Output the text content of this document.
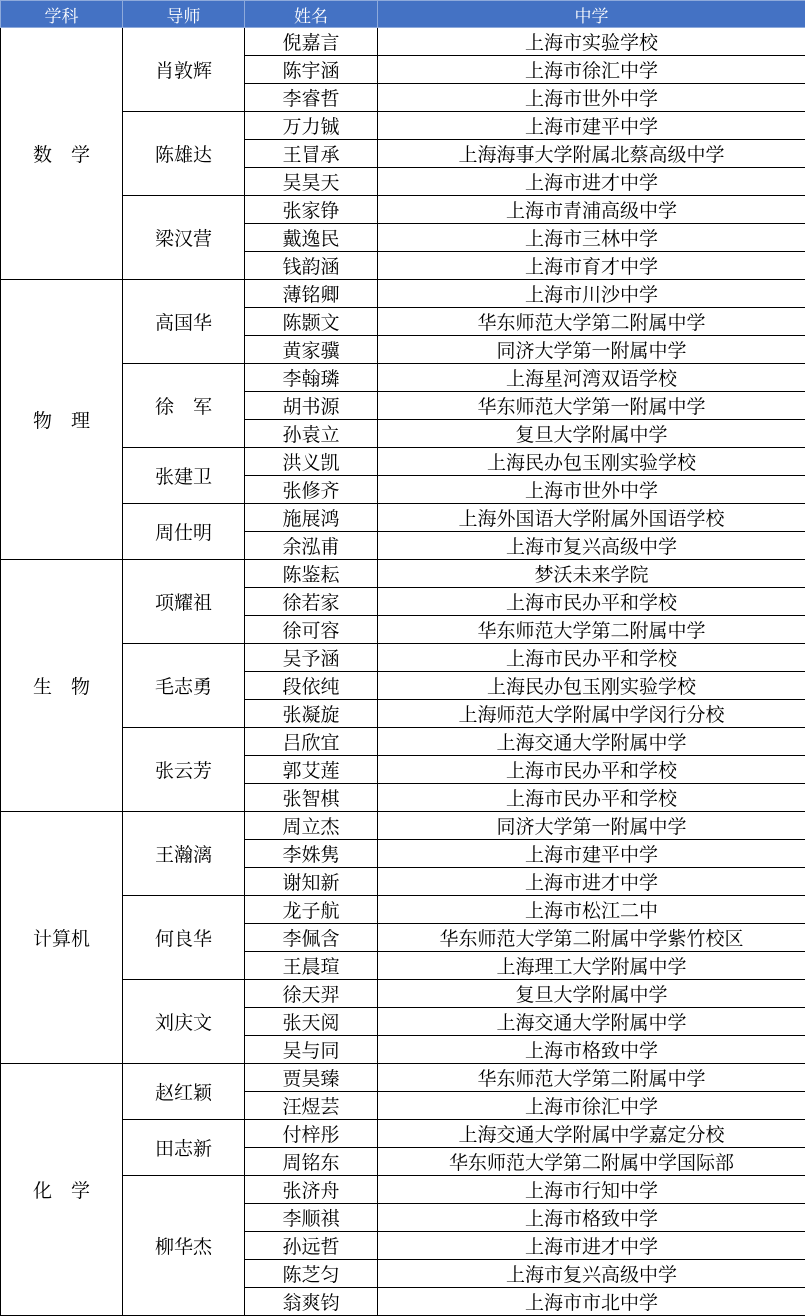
学科	导师	姓名	中学
数　学	肖敦辉	倪嘉言	上海市实验学校
		陈宇涵	上海市徐汇中学
		李睿哲	上海市世外中学
	陈雄达	万力铖	上海市建平中学
		王冒承	上海海事大学附属北蔡高级中学
		吴昊天	上海市进才中学
	梁汉营	张家铮	上海市青浦高级中学
		戴逸民	上海市三林中学
		钱韵涵	上海市育才中学
物　理	高国华	薄铭卿	上海市川沙中学
		陈颢文	华东师范大学第二附属中学
		黄家骥	同济大学第一附属中学
	徐　军	李翰璘	上海星河湾双语学校
		胡书源	华东师范大学第一附属中学
		孙袁立	复旦大学附属中学
	张建卫	洪义凯	上海民办包玉刚实验学校
		张修齐	上海市世外中学
	周仕明	施展鸿	上海外国语大学附属外国语学校
		余泓甫	上海市复兴高级中学
生　物	项耀祖	陈鉴耘	梦沃未来学院
		徐若家	上海市民办平和学校
		徐可容	华东师范大学第二附属中学
	毛志勇	吴予涵	上海市民办平和学校
		段依纯	上海民办包玉刚实验学校
		张凝旋	上海师范大学附属中学闵行分校
	张云芳	吕欣宜	上海交通大学附属中学
		郭艾莲	上海市民办平和学校
		张智棋	上海市民办平和学校
计算机	王瀚漓	周立杰	同济大学第一附属中学
		李姝隽	上海市建平中学
		谢知新	上海市进才中学
	何良华	龙子航	上海市松江二中
		李佩含	华东师范大学第二附属中学紫竹校区
		王晨瑄	上海理工大学附属中学
	刘庆文	徐天羿	复旦大学附属中学
		张天阅	上海交通大学附属中学
		吴与同	上海市格致中学
化　学	赵红颖	贾昊臻	华东师范大学第二附属中学
		汪煜芸	上海市徐汇中学
	田志新	付梓彤	上海交通大学附属中学嘉定分校
		周铭东	华东师范大学第二附属中学国际部
	柳华杰	张济舟	上海市行知中学
		李顺祺	上海市格致中学
		孙远哲	上海市进才中学
		陈芝匀	上海市复兴高级中学
		翁爽钧	上海市市北中学
